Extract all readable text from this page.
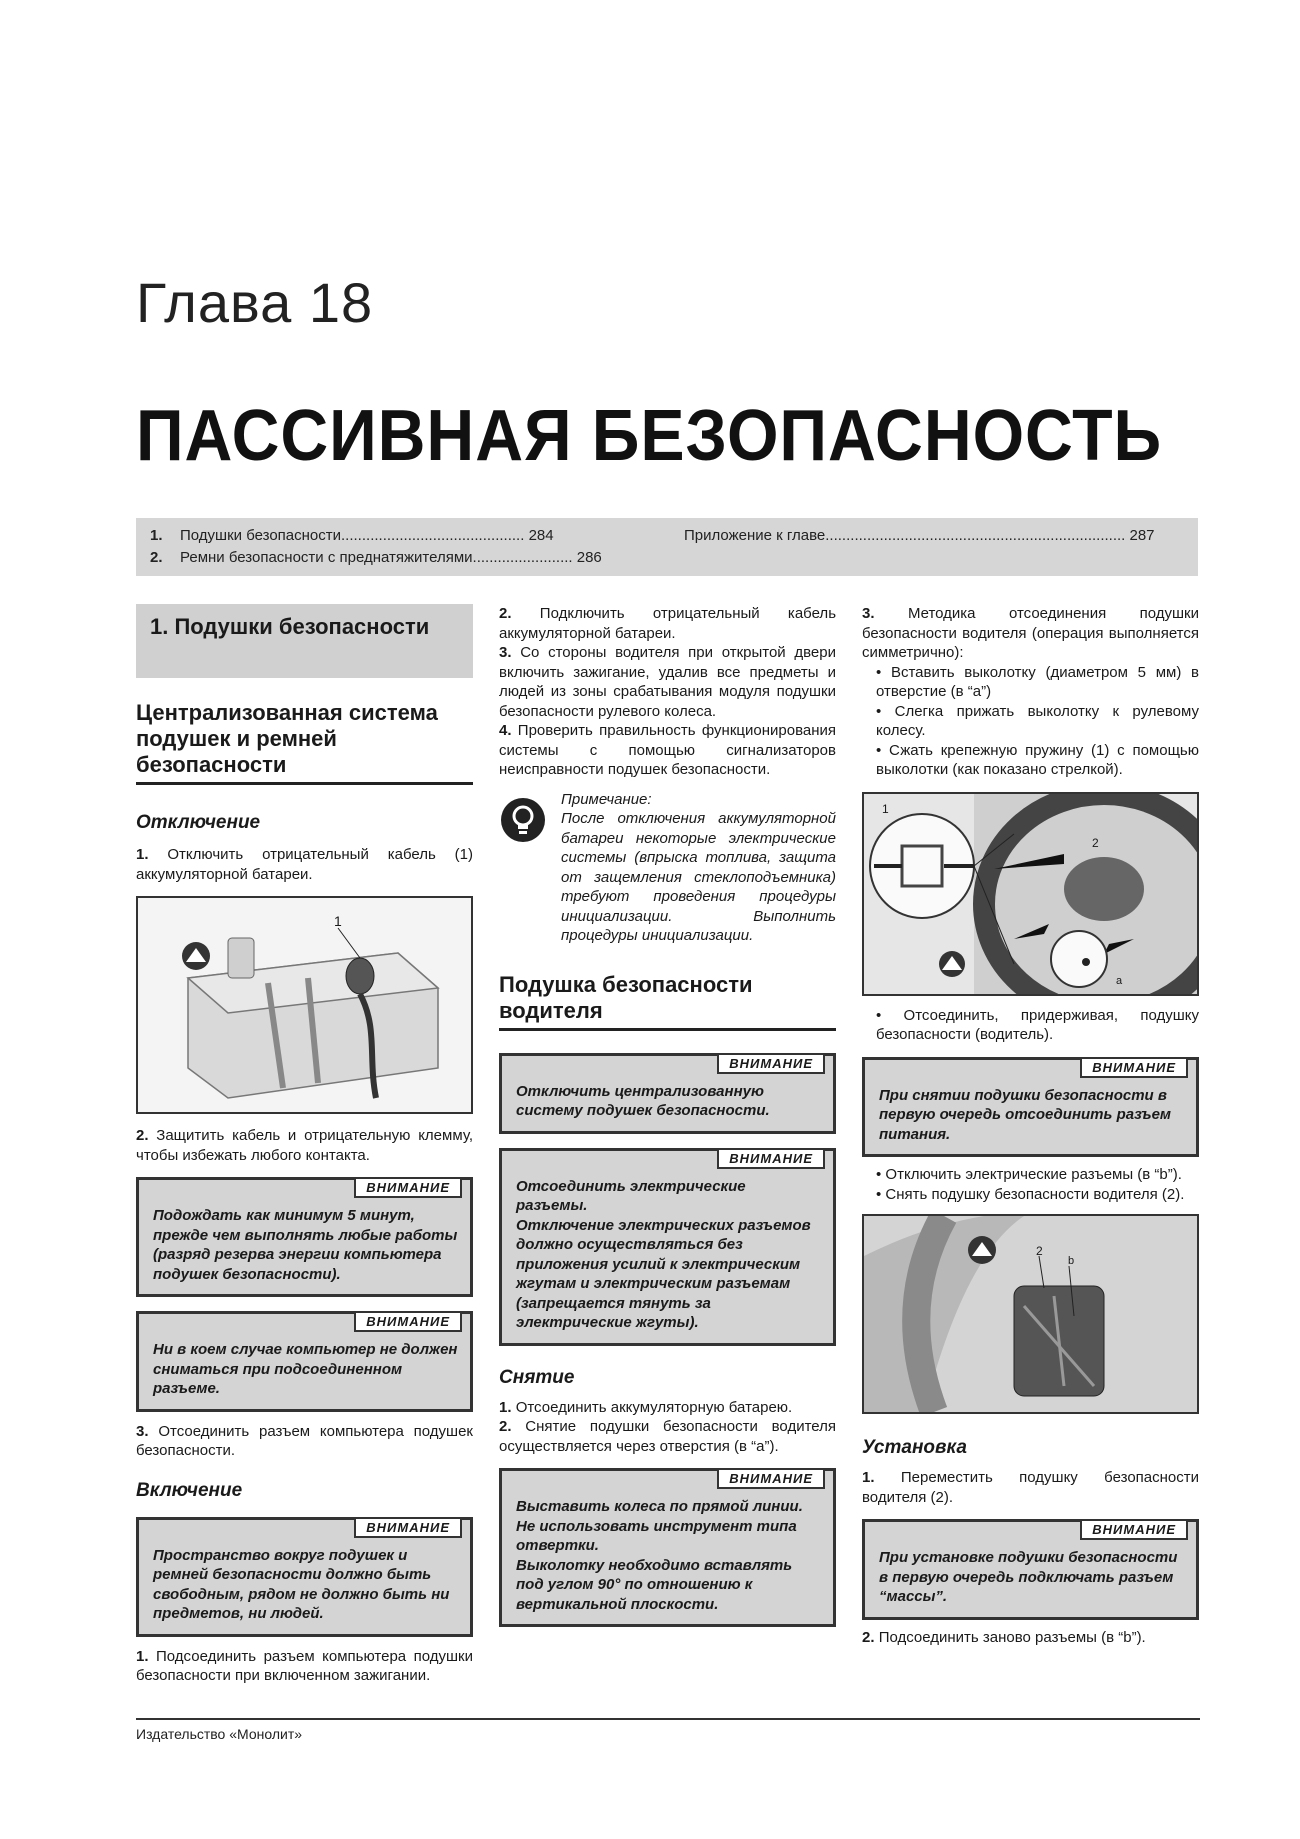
Глава 18
ПАССИВНАЯ БЕЗОПАСНОСТЬ
1. Подушки безопасности............................................ 284
2. Ремни безопасности с преднатяжителями........................ 286
Приложение к главе........................................................................ 287
1. Подушки безопасности
Централизованная система подушек и ремней безопасности
Отключение

1. Отключить отрицательный кабель (1) аккумуляторной батареи.

1

2. Защитить кабель и отрицательную клемму, чтобы избежать любого контакта.

ВНИМАНИЕ
Подождать как минимум 5 минут, прежде чем выполнять любые работы (разряд резерва энергии компьютера подушек безопасности).
ВНИМАНИЕ
Ни в коем случае компьютер не должен сниматься при подсоединенном разъеме.

3. Отсоединить разъем компьютера подушек безопасности.

Включение
ВНИМАНИЕ
Пространство вокруг подушек и ремней безопасности должно быть свободным, рядом не должно быть ни предметов, ни людей.

1. Подсоединить разъем компьютера подушки безопасности при включенном зажигании.

2. Подключить отрицательный кабель аккумуляторной батареи.

3. Со стороны водителя при открытой двери включить зажигание, удалив все предметы и людей из зоны срабатывания модуля подушки безопасности рулевого колеса.

4. Проверить правильность функционирования системы с помощью сигнализаторов неисправности подушек безопасности.

Примечание:
После отключения аккумуляторной батареи некоторые электрические системы (впрыска топлива, защита от защемления стеклоподъемника) требуют проведения процедуры инициализации. Выполнить процедуры инициализации.
Подушка безопасности водителя
ВНИМАНИЕ
Отключить централизованную систему подушек безопасности.
ВНИМАНИЕ
Отсоединить электрические разъемы.
Отключение электрических разъемов должно осуществляться без приложения усилий к электрическим жгутам и электрическим разъемам (запрещается тянуть за электрические жгуты).
Снятие

1. Отсоединить аккумуляторную батарею.

2. Снятие подушки безопасности водителя осуществляется через отверстия (в “a”).

ВНИМАНИЕ
Выставить колеса по прямой линии.
Не использовать инструмент типа отвертки.
Выколотку необходимо вставлять под углом 90° по отношению к вертикальной плоскости.

3. Методика отсоединения подушки безопасности водителя (операция выполняется симметрично):

• Вставить выколотку (диаметром 5 мм) в отверстие (в “a”)

• Слегка прижать выколотку к рулевому колесу.

• Сжать крепежную пружину (1) с помощью выколотки (как показано стрелкой).

1
2
a

• Отсоединить, придерживая, подушку безопасности (водитель).

ВНИМАНИЕ
При снятии подушки безопасности в первую очередь отсоединить разъем питания.

• Отключить электрические разъемы (в “b”).

• Снять подушку безопасности водителя (2).

2
b
Установка

1. Переместить подушку безопасности водителя (2).

ВНИМАНИЕ
При установке подушки безопасности в первую очередь подключать разъем “массы”.

2. Подсоединить заново разъемы (в “b”).

Издательство «Монолит»
